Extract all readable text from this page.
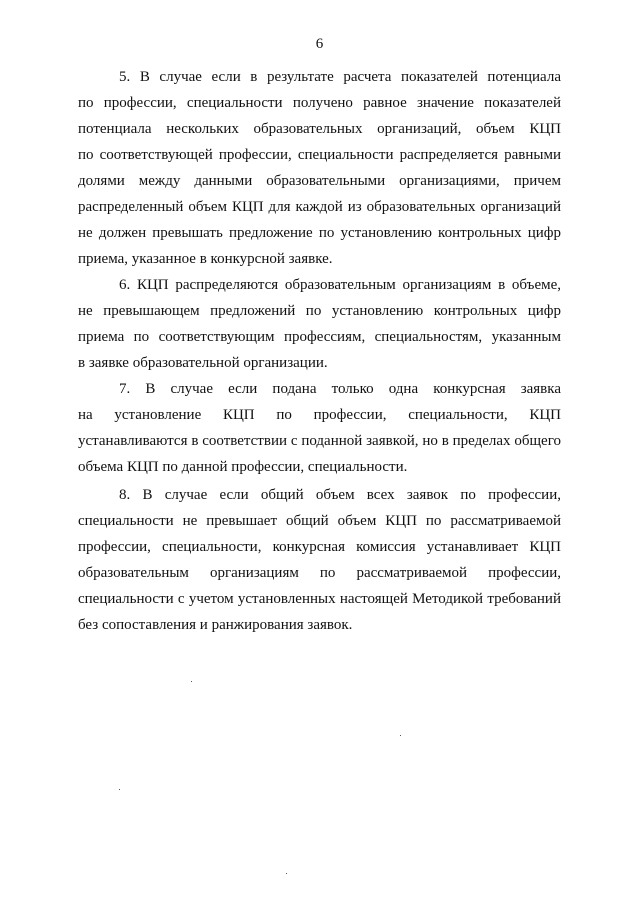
6
5. В случае если в результате расчета показателей потенциала
по профессии, специальности получено равное значение показателей
потенциала нескольких образовательных организаций, объем КЦП
по соответствующей профессии, специальности распределяется равными
долями между данными образовательными организациями, причем
распределенный объем КЦП для каждой из образовательных организаций
не должен превышать предложение по установлению контрольных цифр
приема, указанное в конкурсной заявке.
6. КЦП распределяются образовательным организациям в объеме,
не превышающем предложений по установлению контрольных цифр
приема по соответствующим профессиям, специальностям, указанным
в заявке образовательной организации.
7. В случае если подана только одна конкурсная заявка
на установление КЦП по профессии, специальности, КЦП
устанавливаются в соответствии с поданной заявкой, но в пределах общего
объема КЦП по данной профессии, специальности.
8. В случае если общий объем всех заявок по профессии,
специальности не превышает общий объем КЦП по рассматриваемой
профессии, специальности, конкурсная комиссия устанавливает КЦП
образовательным организациям по рассматриваемой профессии,
специальности с учетом установленных настоящей Методикой требований
без сопоставления и ранжирования заявок.
